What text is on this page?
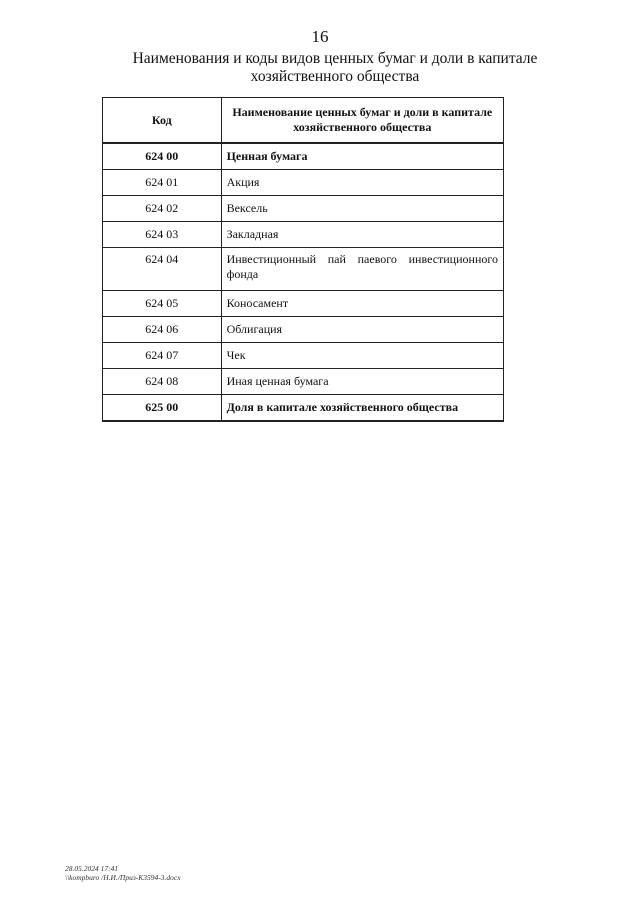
16
Наименования и коды видов ценных бумаг и доли в капитале
хозяйственного общества
Код	Наименование ценных бумаг и доли в капитале хозяйственного общества
624 00	Ценная бумага
624 01	Акция
624 02	Вексель
624 03	Закладная
624 04	Инвестиционный пай паевого инвестиционного фонда
624 05	Коносамент
624 06	Облигация
624 07	Чек
624 08	Иная ценная бумага
625 00	Доля в капитале хозяйственного общества
28.05.2024 17:41
\\kompburo /Н.И./Приз-К3594-3.docx
